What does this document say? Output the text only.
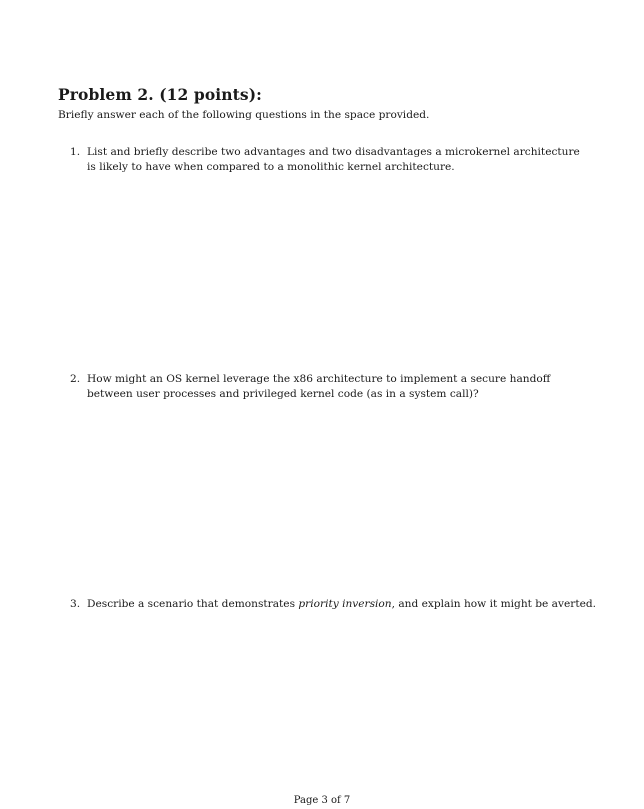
Problem 2. (12 points):
Briefly answer each of the following questions in the space provided.
1. List and briefly describe two advantages and two disadvantages a microkernel architecture is likely to have when compared to a monolithic kernel architecture.
2. How might an OS kernel leverage the x86 architecture to implement a secure handoff between user processes and privileged kernel code (as in a system call)?
3. Describe a scenario that demonstrates priority inversion, and explain how it might be averted.
Page 3 of 7
